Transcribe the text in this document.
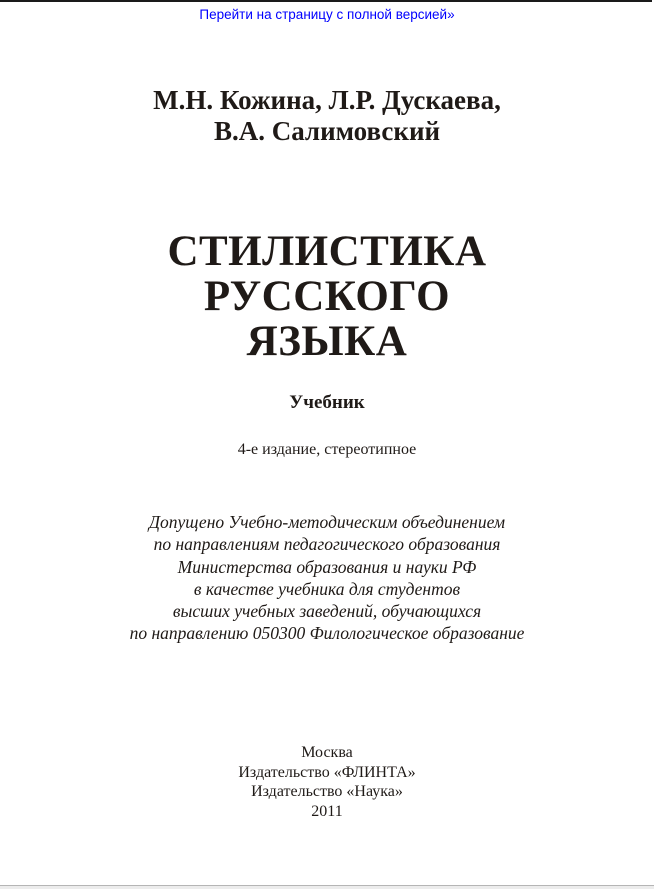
Перейти на страницу с полной версией»
М.Н. Кожина, Л.Р. Дускаева,
В.А. Салимовский
СТИЛИСТИКА
РУССКОГО
ЯЗЫКА
Учебник
4-е издание, стереотипное
Допущено Учебно-методическим объединением
по направлениям педагогического образования
Министерства образования и науки РФ
в качестве учебника для студентов
высших учебных заведений, обучающихся
по направлению 050300 Филологическое образование
Москва
Издательство «ФЛИНТА»
Издательство «Наука»
2011
